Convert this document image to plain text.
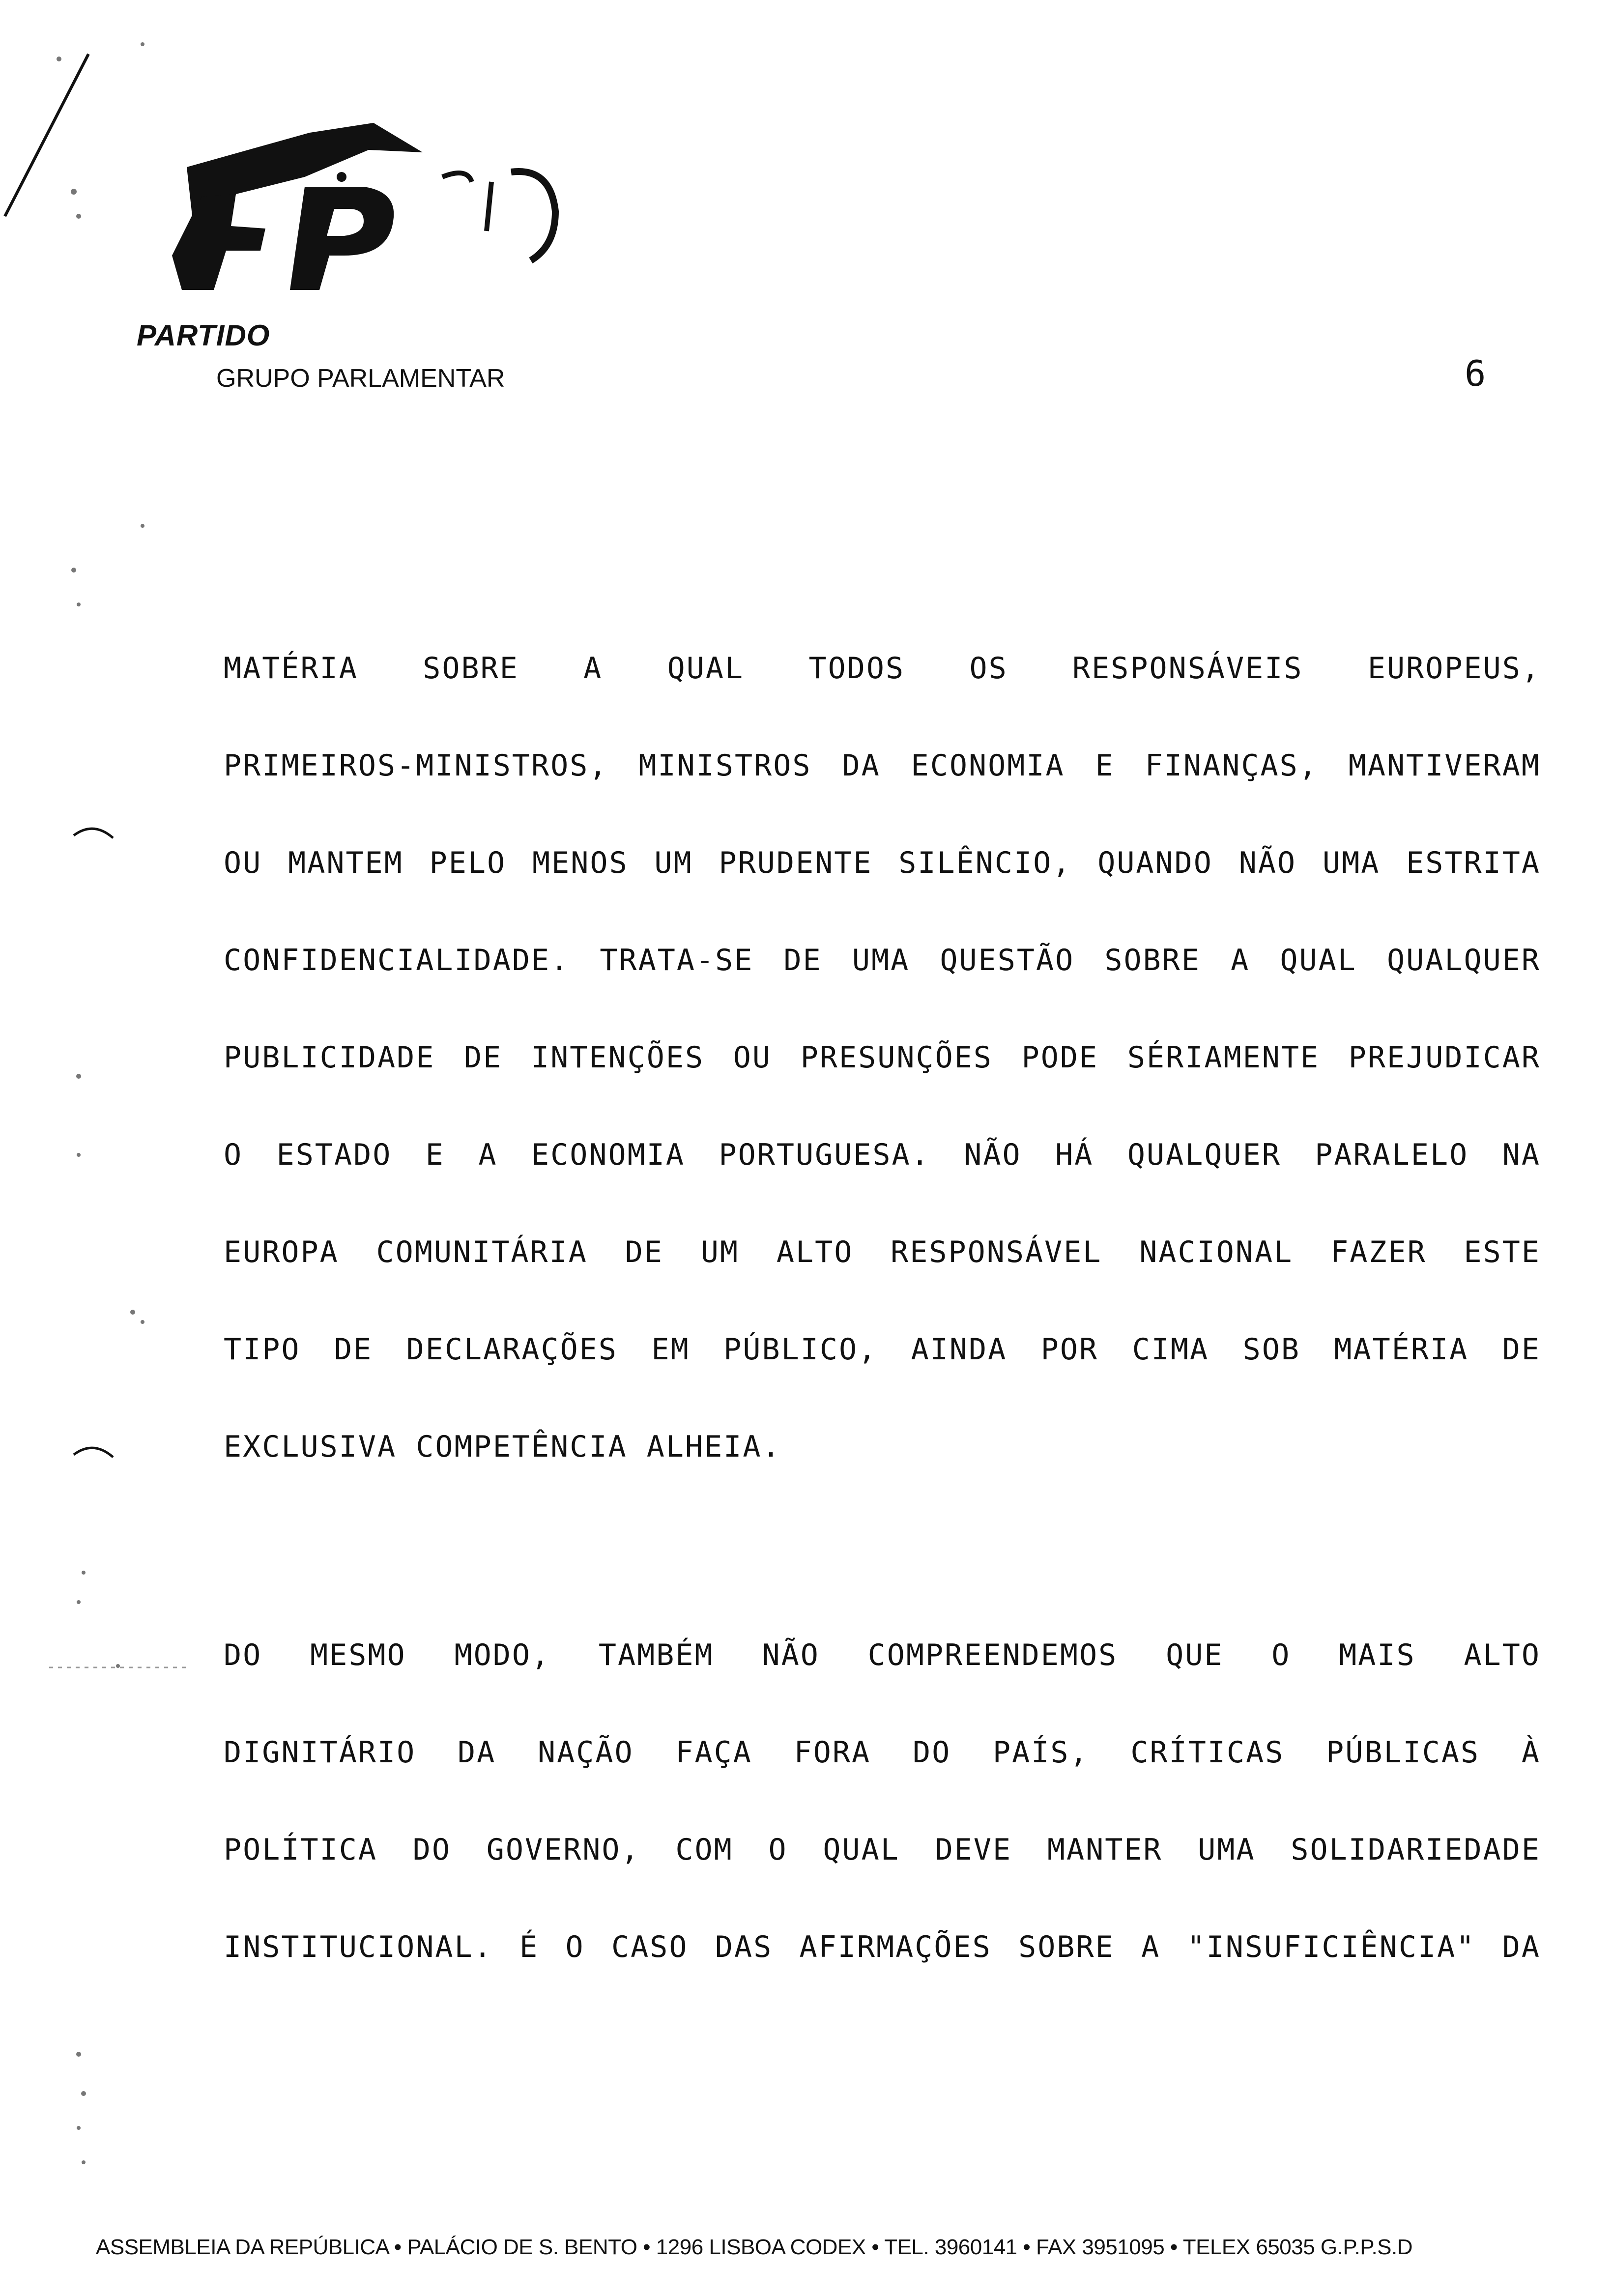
PARTIDO
GRUPO PARLAMENTAR	6
MATÉRIA SOBRE A QUAL TODOS OS RESPONSÁVEIS EUROPEUS,
PRIMEIROS-MINISTROS, MINISTROS DA ECONOMIA E FINANÇAS, MANTIVERAM
OU MANTEM PELO MENOS UM PRUDENTE SILÊNCIO, QUANDO NÃO UMA ESTRITA
CONFIDENCIALIDADE. TRATA-SE DE UMA QUESTÃO SOBRE A QUAL QUALQUER
PUBLICIDADE DE INTENÇÕES OU PRESUNÇÕES PODE SÉRIAMENTE PREJUDICAR
O ESTADO E A ECONOMIA PORTUGUESA. NÃO HÁ QUALQUER PARALELO NA
EUROPA COMUNITÁRIA DE UM ALTO RESPONSÁVEL NACIONAL FAZER ESTE
TIPO DE DECLARAÇÕES EM PÚBLICO, AINDA POR CIMA SOB MATÉRIA DE
EXCLUSIVA COMPETÊNCIA ALHEIA.
DO MESMO MODO, TAMBÉM NÃO COMPREENDEMOS QUE O MAIS ALTO
DIGNITÁRIO DA NAÇÃO FAÇA FORA DO PAÍS, CRÍTICAS PÚBLICAS À
POLÍTICA DO GOVERNO, COM O QUAL DEVE MANTER UMA SOLIDARIEDADE
INSTITUCIONAL. É O CASO DAS AFIRMAÇÕES SOBRE A "INSUFICIÊNCIA" DA
ASSEMBLEIA DA REPÚBLICA • PALÁCIO DE S. BENTO • 1296 LISBOA CODEX • TEL. 3960141 • FAX 3951095 • TELEX 65035 G.P.P.S.D
